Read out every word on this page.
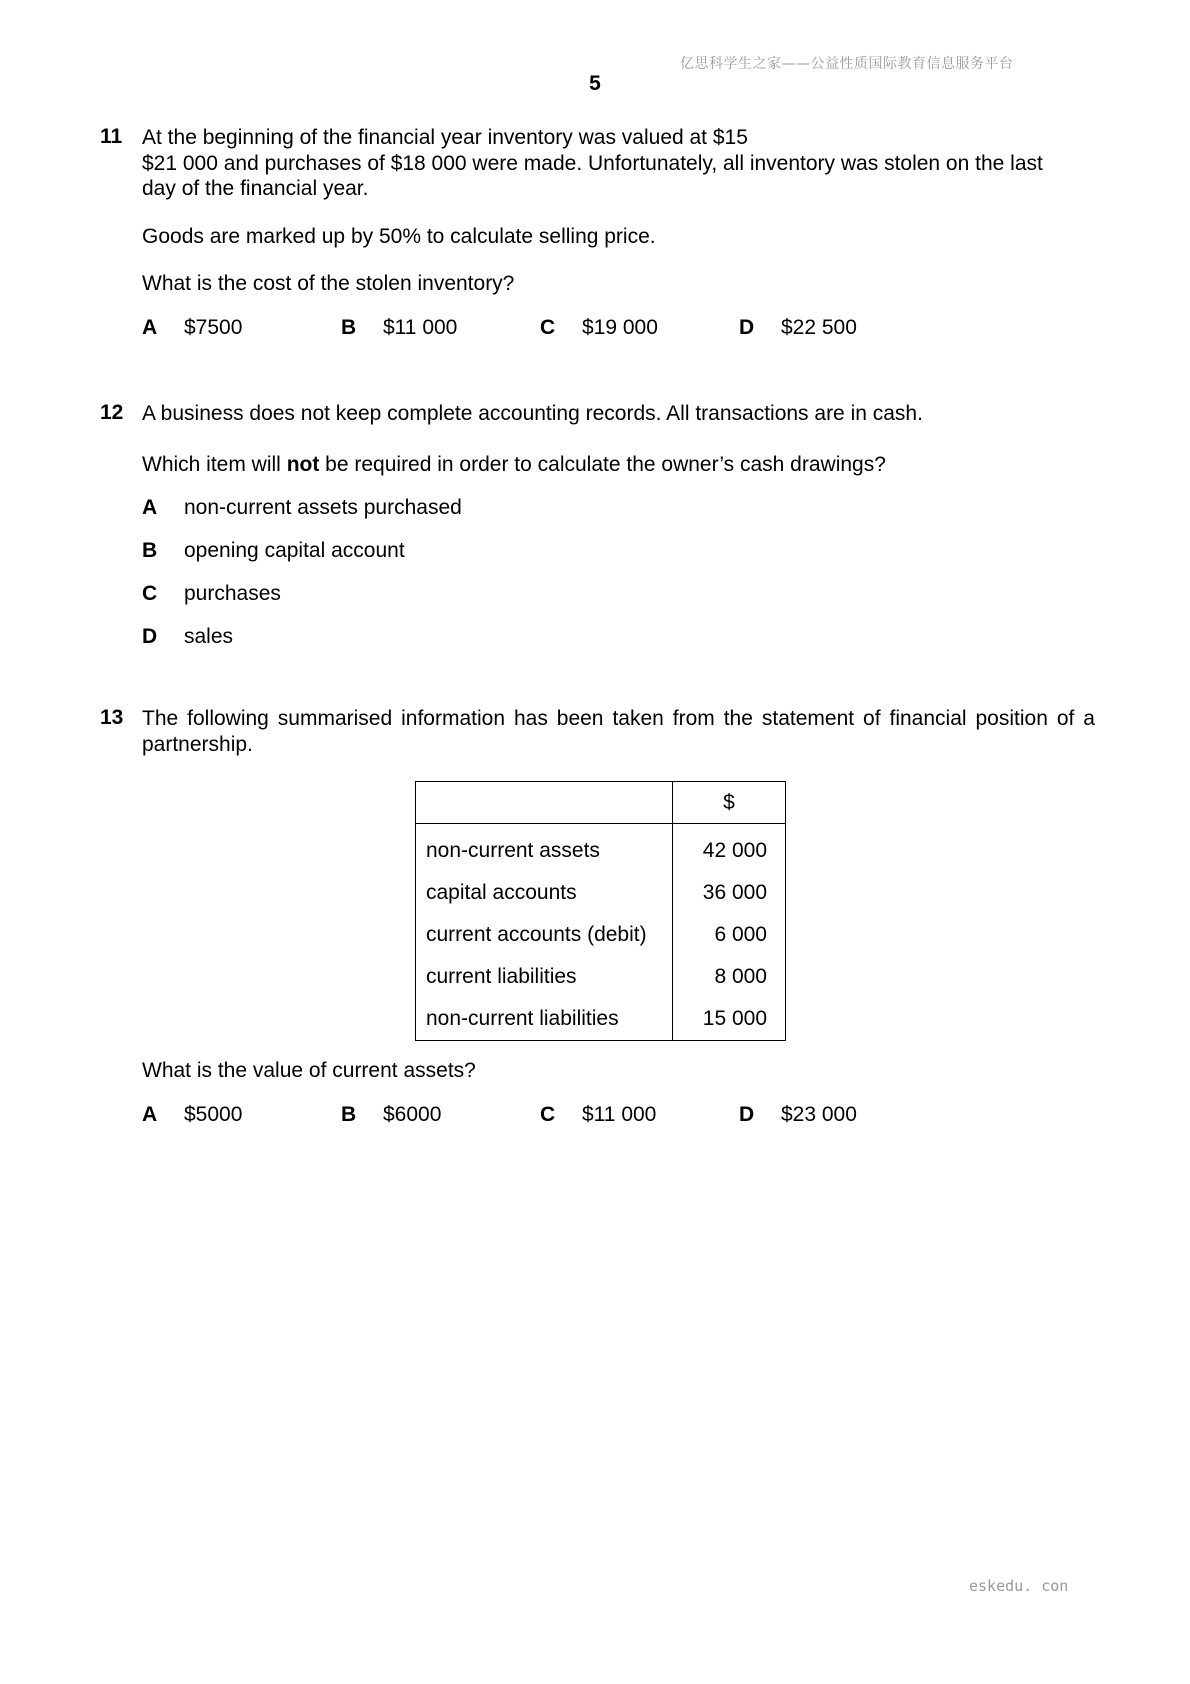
亿思科学生之家——公益性质国际教育信息服务平台
5
11 At the beginning of the financial year inventory was valued at $15

$21 000 and purchases of $18 000 were made. Unfortunately, all inventory was stolen on the last

day of the financial year.

Goods are marked up by 50% to calculate selling price.

What is the cost of the stolen inventory?

A $7500	B $11 000	C $19 000	D $22 500
12 A business does not keep complete accounting records. All transactions are in cash.

Which item will not be required in order to calculate the owner’s cash drawings?

A non-current assets purchased
B opening capital account
C purchases
D sales
13 The following summarised information has been taken from the statement of financial position of a partnership.

	$
non-current assets	42 000
capital accounts	36 000
current accounts (debit)	6 000
current liabilities	8 000
non-current liabilities	15 000

What is the value of current assets?

A $5000	B $6000	C $11 000	D $23 000
eskedu. con
